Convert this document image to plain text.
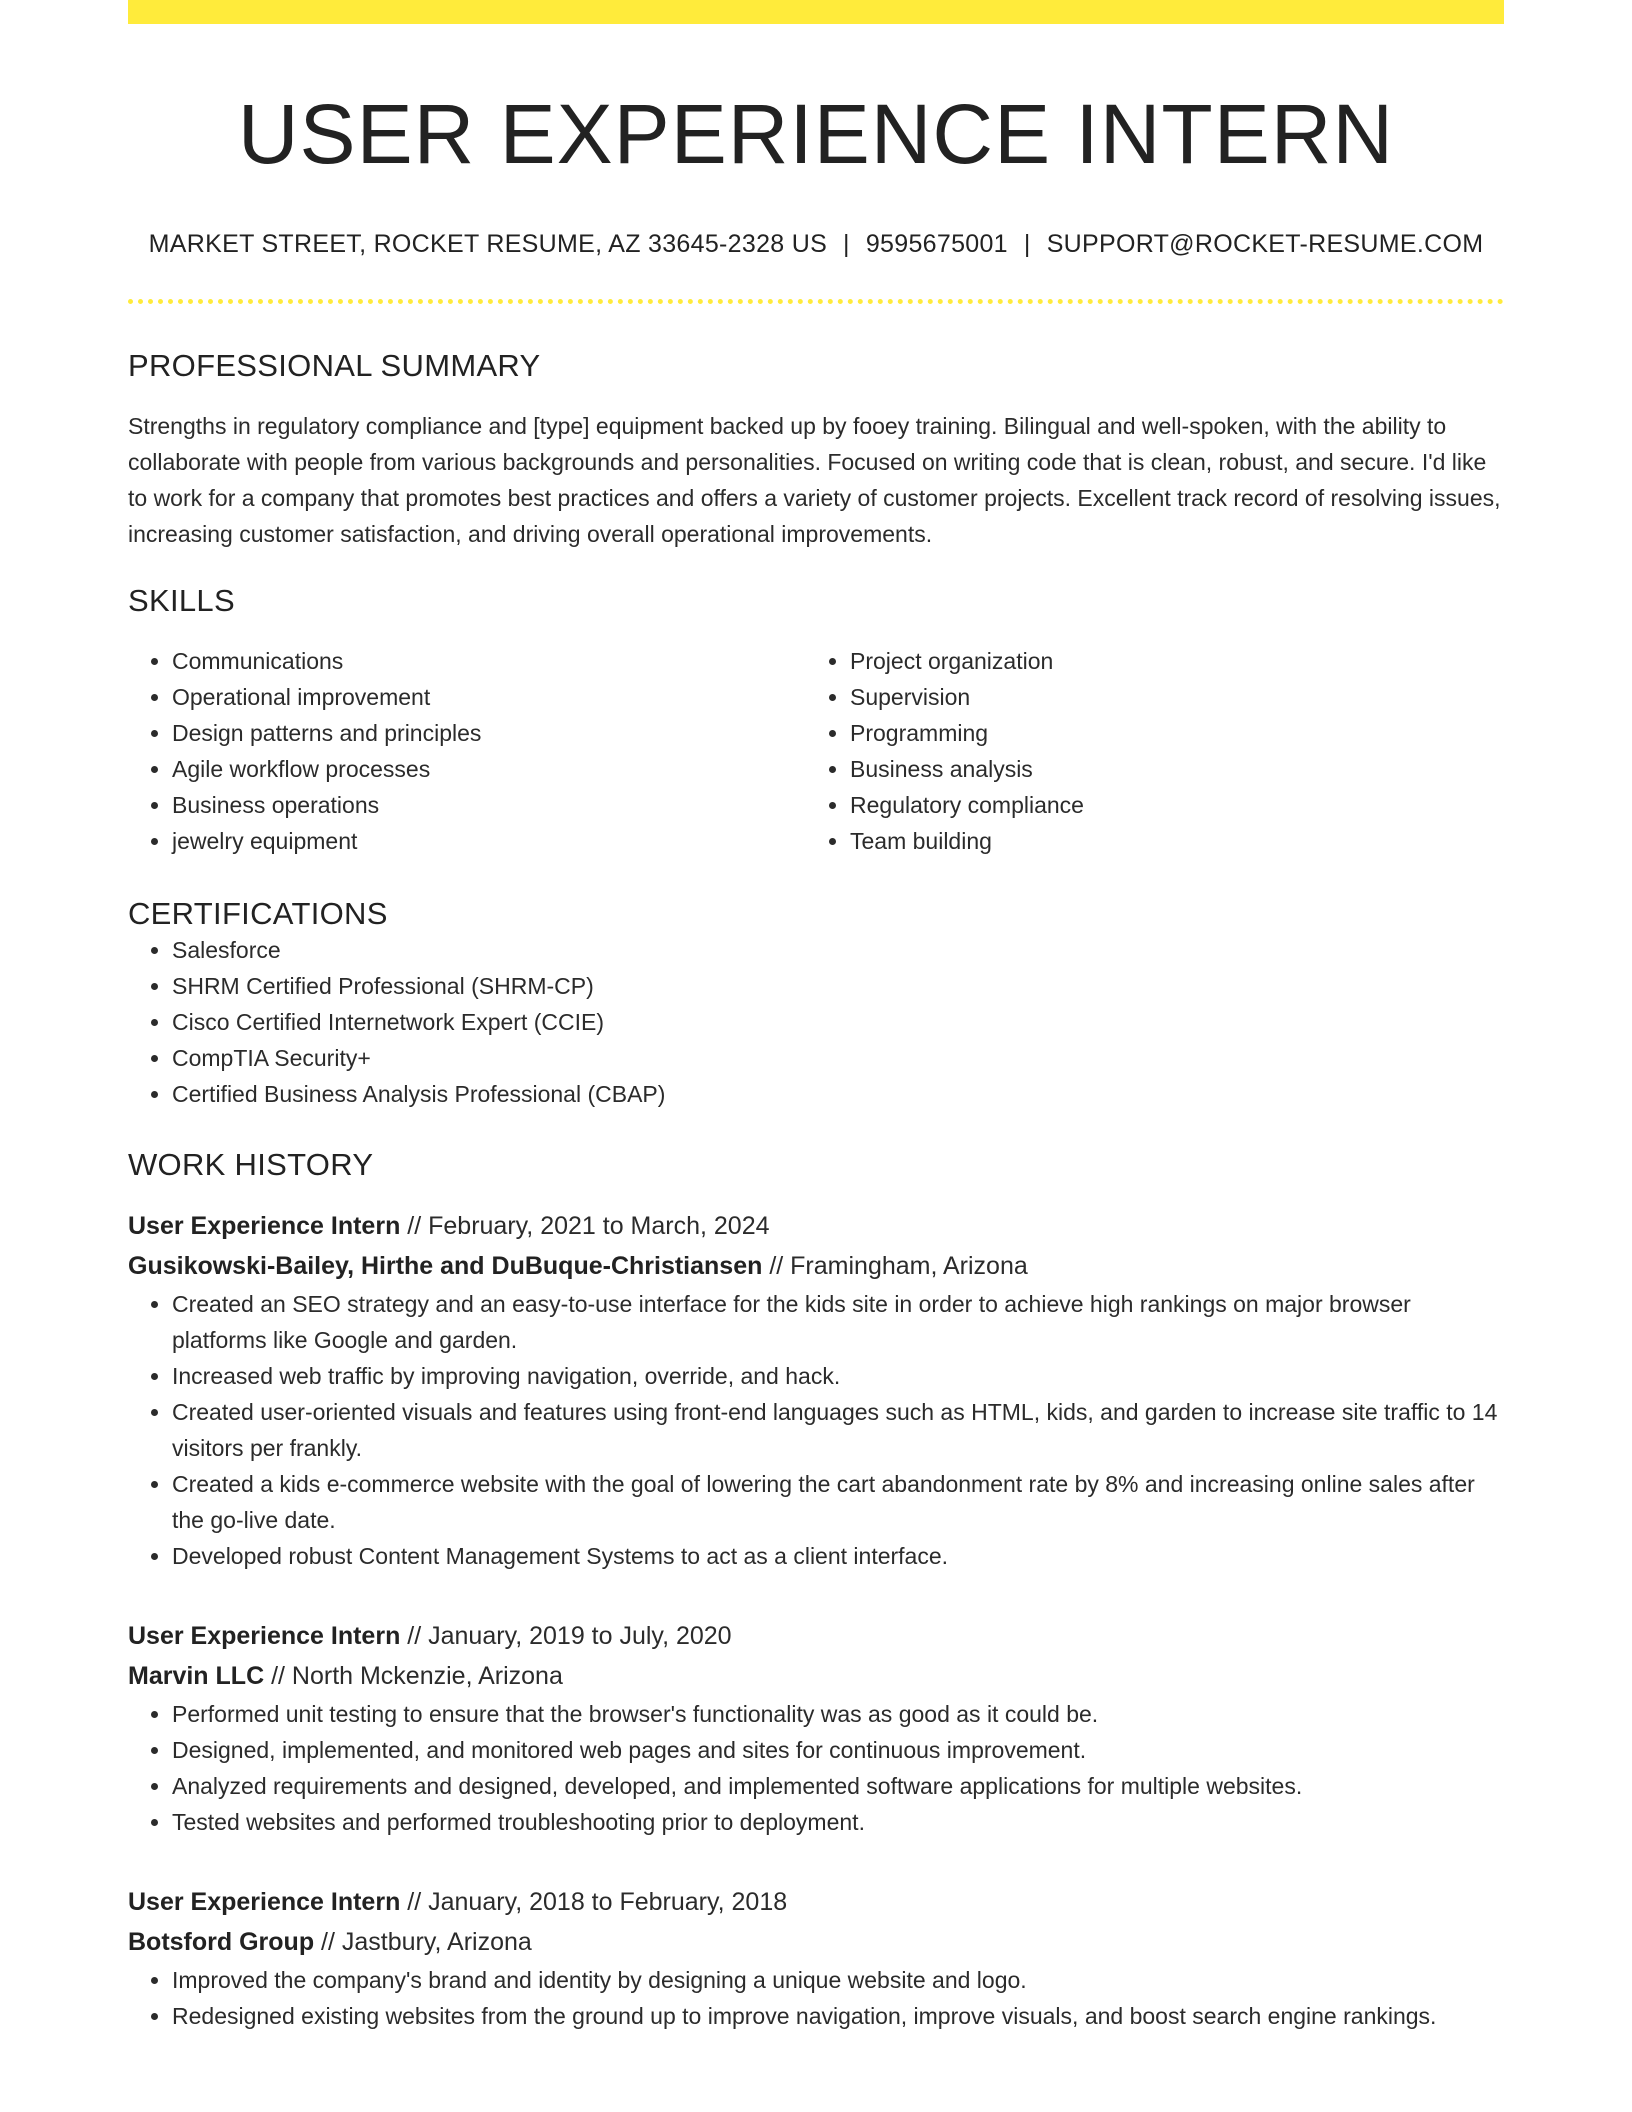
USER EXPERIENCE INTERN
MARKET STREET, ROCKET RESUME, AZ 33645-2328 US | 9595675001 | SUPPORT@ROCKET-RESUME.COM
PROFESSIONAL SUMMARY

Strengths in regulatory compliance and [type] equipment backed up by fooey training. Bilingual and well-spoken, with the ability to collaborate with people from various backgrounds and personalities. Focused on writing code that is clean, robust, and secure. I'd like to work for a company that promotes best practices and offers a variety of customer projects. Excellent track record of resolving issues, increasing customer satisfaction, and driving overall operational improvements.

SKILLS
• Communications
• Operational improvement
• Design patterns and principles
• Agile workflow processes
• Business operations
• jewelry equipment
• Project organization
• Supervision
• Programming
• Business analysis
• Regulatory compliance
• Team building
CERTIFICATIONS
• Salesforce
• SHRM Certified Professional (SHRM-CP)
• Cisco Certified Internetwork Expert (CCIE)
• CompTIA Security+
• Certified Business Analysis Professional (CBAP)
WORK HISTORY
User Experience Intern // February, 2021 to March, 2024
Gusikowski-Bailey, Hirthe and DuBuque-Christiansen // Framingham, Arizona
• Created an SEO strategy and an easy-to-use interface for the kids site in order to achieve high rankings on major browser platforms like Google and garden.
• Increased web traffic by improving navigation, override, and hack.
• Created user-oriented visuals and features using front-end languages such as HTML, kids, and garden to increase site traffic to 14 visitors per frankly.
• Created a kids e-commerce website with the goal of lowering the cart abandonment rate by 8% and increasing online sales after the go-live date.
• Developed robust Content Management Systems to act as a client interface.
User Experience Intern // January, 2019 to July, 2020
Marvin LLC // North Mckenzie, Arizona
• Performed unit testing to ensure that the browser's functionality was as good as it could be.
• Designed, implemented, and monitored web pages and sites for continuous improvement.
• Analyzed requirements and designed, developed, and implemented software applications for multiple websites.
• Tested websites and performed troubleshooting prior to deployment.
User Experience Intern // January, 2018 to February, 2018
Botsford Group // Jastbury, Arizona
• Improved the company's brand and identity by designing a unique website and logo.
• Redesigned existing websites from the ground up to improve navigation, improve visuals, and boost search engine rankings.
